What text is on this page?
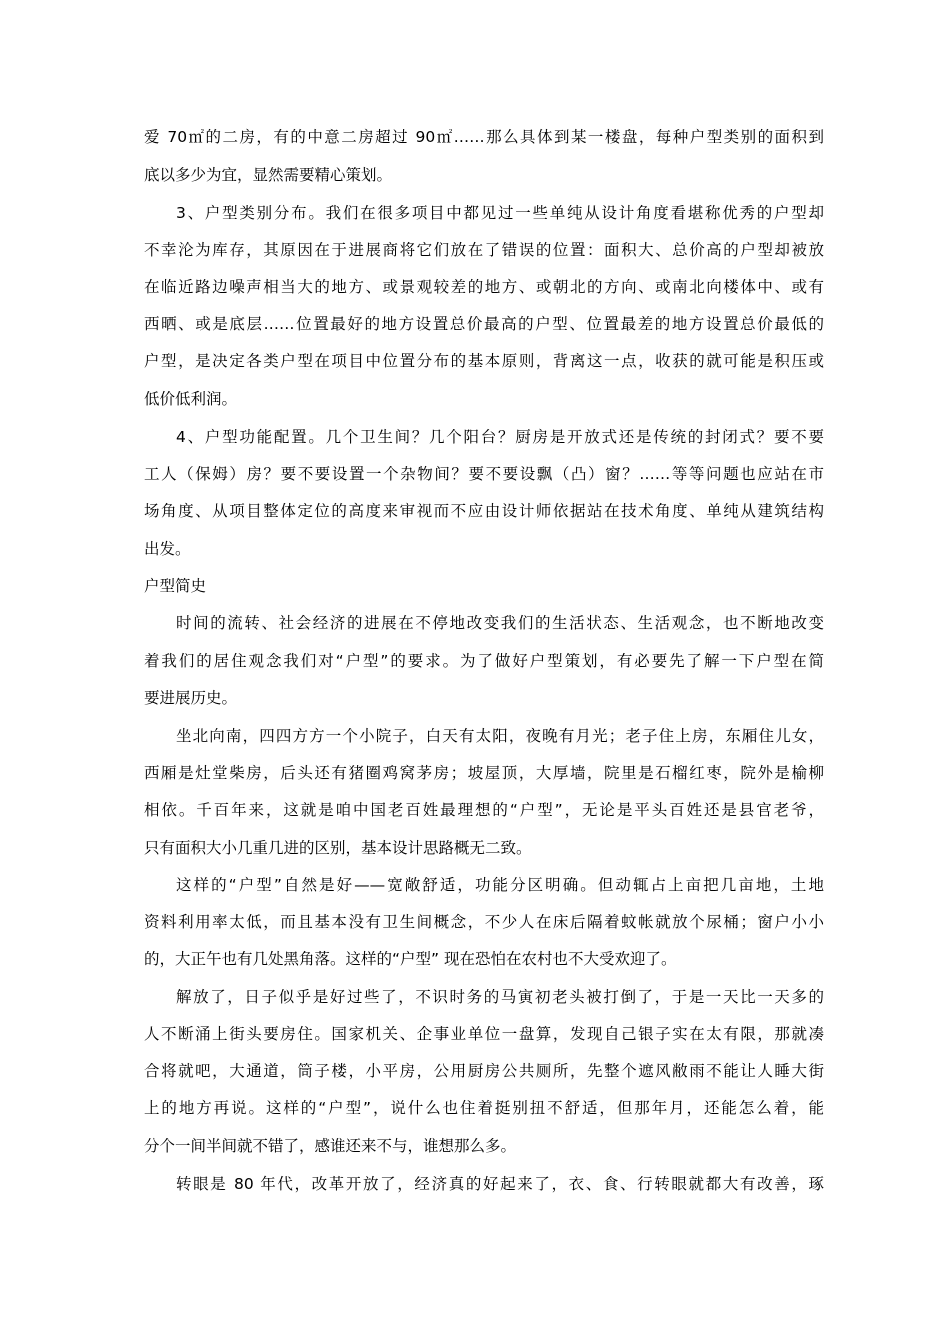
爱 70㎡的二房，有的中意二房超过 90㎡……那么具体到某一楼盘，每种户型类别的面积到
底以多少为宜，显然需要精心策划。
3、户型类别分布。我们在很多项目中都见过一些单纯从设计角度看堪称优秀的户型却
不幸沦为库存，其原因在于进展商将它们放在了错误的位置：面积大、总价高的户型却被放
在临近路边噪声相当大的地方、或景观较差的地方、或朝北的方向、或南北向楼体中、或有
西晒、或是底层……位置最好的地方设置总价最高的户型、位置最差的地方设置总价最低的
户型，是决定各类户型在项目中位置分布的基本原则，背离这一点，收获的就可能是积压或
低价低利润。
4、户型功能配置。几个卫生间？几个阳台？厨房是开放式还是传统的封闭式？要不要
工人（保姆）房？要不要设置一个杂物间？要不要设飘（凸）窗？……等等问题也应站在市
场角度、从项目整体定位的高度来审视而不应由设计师依据站在技术角度、单纯从建筑结构
出发。
户型简史
时间的流转、社会经济的进展在不停地改变我们的生活状态、生活观念，也不断地改变
着我们的居住观念我们对“户型”的要求。为了做好户型策划，有必要先了解一下户型在简
要进展历史。
坐北向南，四四方方一个小院子，白天有太阳，夜晚有月光；老子住上房，东厢住儿女，
西厢是灶堂柴房，后头还有猪圈鸡窝茅房；坡屋顶，大厚墙，院里是石榴红枣，院外是榆柳
相依。千百年来，这就是咱中国老百姓最理想的“户型”，无论是平头百姓还是县官老爷，
只有面积大小几重几进的区别，基本设计思路概无二致。
这样的“户型”自然是好——宽敞舒适，功能分区明确。但动辄占上亩把几亩地，土地
资料利用率太低，而且基本没有卫生间概念，不少人在床后隔着蚊帐就放个尿桶；窗户小小
的，大正午也有几处黑角落。这样的“户型” 现在恐怕在农村也不大受欢迎了。
解放了，日子似乎是好过些了，不识时务的马寅初老头被打倒了，于是一天比一天多的
人不断涌上街头要房住。国家机关、企事业单位一盘算，发现自己银子实在太有限，那就凑
合将就吧，大通道，筒子楼，小平房，公用厨房公共厕所，先整个遮风敝雨不能让人睡大街
上的地方再说。这样的“户型”，说什么也住着挺别扭不舒适，但那年月，还能怎么着，能
分个一间半间就不错了，感谁还来不与，谁想那么多。
转眼是 80 年代，改革开放了，经济真的好起来了，衣、食、行转眼就都大有改善，琢
